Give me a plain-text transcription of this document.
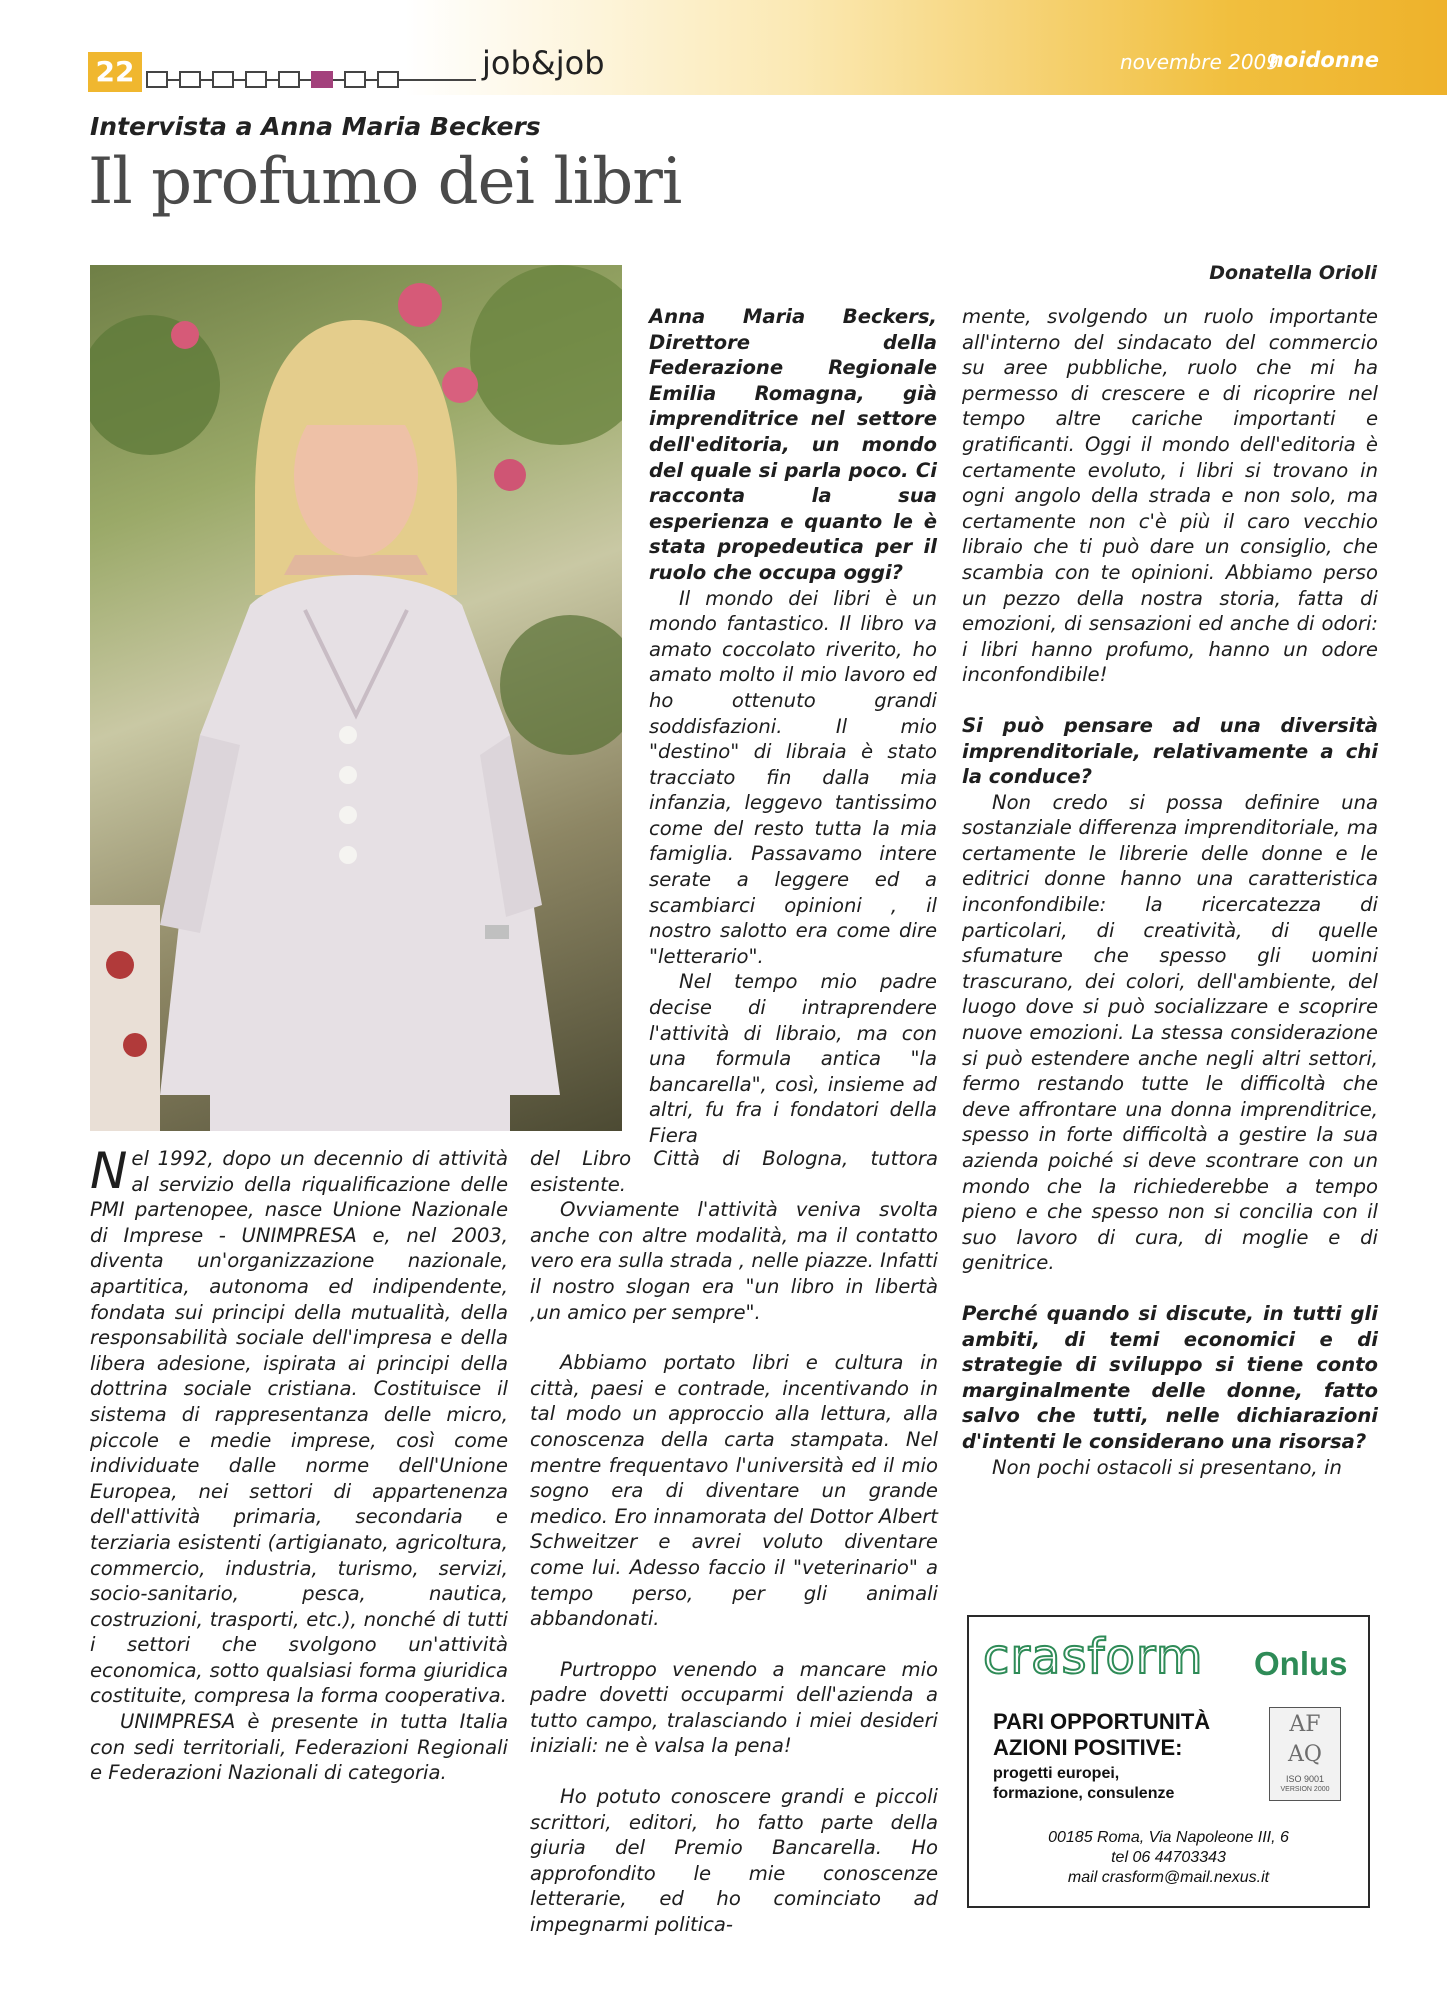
22	job&job	novembre 2009
noidonne
Intervista a Anna Maria Beckers
Il profumo dei libri
Donatella Orioli

Nel 1992, dopo un decennio di attività al servizio della riqualificazione delle PMI partenopee, nasce Unione Nazionale di Imprese - UNIMPRESA e, nel 2003, diventa un'organizzazione nazionale, apartitica, autonoma ed indipendente, fondata sui principi della mutualità, della responsabilità sociale dell'impresa e della libera adesione, ispirata ai principi della dottrina sociale cristiana. Costituisce il sistema di rappresentanza delle micro, piccole e medie imprese, così come individuate dalle norme dell'Unione Europea, nei settori di appartenenza dell'attività primaria, secondaria e terziaria esistenti (artigianato, agricoltura, commercio, industria, turismo, servizi, socio-sanitario, pesca, nautica, costruzioni, trasporti, etc.), nonché di tutti i settori che svolgono un'attività economica, sotto qualsiasi forma giuridica costituite, compresa la forma cooperativa.

UNIMPRESA è presente in tutta Italia con sedi territoriali, Federazioni Regionali e Federazioni Nazionali di categoria.

Anna Maria Beckers, Direttore della Federazione Regionale Emilia Romagna, già imprenditrice nel settore dell'editoria, un mondo del quale si parla poco. Ci racconta la sua esperienza e quanto le è stata propedeutica per il ruolo che occupa oggi?

Il mondo dei libri è un mondo fantastico. Il libro va amato coccolato riverito, ho amato molto il mio lavoro ed ho ottenuto grandi soddisfazioni. Il mio "destino" di libraia è stato tracciato fin dalla mia infanzia, leggevo tantissimo come del resto tutta la mia famiglia. Passavamo intere serate a leggere ed a scambiarci opinioni , il nostro salotto era come dire "letterario".

Nel tempo mio padre decise di intraprendere l'attività di libraio, ma con una formula antica "la bancarella", così, insieme ad altri, fu fra i fondatori della Fiera

del Libro Città di Bologna, tuttora esistente.

Ovviamente l'attività veniva svolta anche con altre modalità, ma il contatto vero era sulla strada , nelle piazze. Infatti il nostro slogan era "un libro in libertà ,un amico per sempre".

Abbiamo portato libri e cultura in città, paesi e contrade, incentivando in tal modo un approccio alla lettura, alla conoscenza della carta stampata. Nel mentre frequentavo l'università ed il mio sogno era di diventare un grande medico. Ero innamorata del Dottor Albert Schweitzer e avrei voluto diventare come lui. Adesso faccio il "veterinario" a tempo perso, per gli animali abbandonati.

Purtroppo venendo a mancare mio padre dovetti occuparmi dell'azienda a tutto campo, tralasciando i miei desideri iniziali: ne è valsa la pena!

Ho potuto conoscere grandi e piccoli scrittori, editori, ho fatto parte della giuria del Premio Bancarella. Ho approfondito le mie conoscenze letterarie, ed ho cominciato ad impegnarmi politica-

mente, svolgendo un ruolo importante all'interno del sindacato del commercio su aree pubbliche, ruolo che mi ha permesso di crescere e di ricoprire nel tempo altre cariche importanti e gratificanti. Oggi il mondo dell'editoria è certamente evoluto, i libri si trovano in ogni angolo della strada e non solo, ma certamente non c'è più il caro vecchio libraio che ti può dare un consiglio, che scambia con te opinioni. Abbiamo perso un pezzo della nostra storia, fatta di emozioni, di sensazioni ed anche di odori: i libri hanno profumo, hanno un odore inconfondibile!

Si può pensare ad una diversità imprenditoriale, relativamente a chi la conduce?

Non credo si possa definire una sostanziale differenza imprenditoriale, ma certamente le librerie delle donne e le editrici donne hanno una caratteristica inconfondibile: la ricercatezza di particolari, di creatività, di quelle sfumature che spesso gli uomini trascurano, dei colori, dell'ambiente, del luogo dove si può socializzare e scoprire nuove emozioni. La stessa considerazione si può estendere anche negli altri settori, fermo restando tutte le difficoltà che deve affrontare una donna imprenditrice, spesso in forte difficoltà a gestire la sua azienda poiché si deve scontrare con un mondo che la richiederebbe a tempo pieno e che spesso non si concilia con il suo lavoro di cura, di moglie e di genitrice.

Perché quando si discute, in tutti gli ambiti, di temi economici e di strategie di sviluppo si tiene conto marginalmente delle donne, fatto salvo che tutti, nelle dichiarazioni d'intenti le considerano una risorsa?

Non pochi ostacoli si presentano, in

crasform Onlus
PARI OPPORTUNITÀ
AZIONI POSITIVE:
progetti europei,
formazione, consulenze
AF
AQ
ISO 9001
VERSION 2000
00185 Roma, Via Napoleone III, 6
tel 06 44703343
mail crasform@mail.nexus.it
